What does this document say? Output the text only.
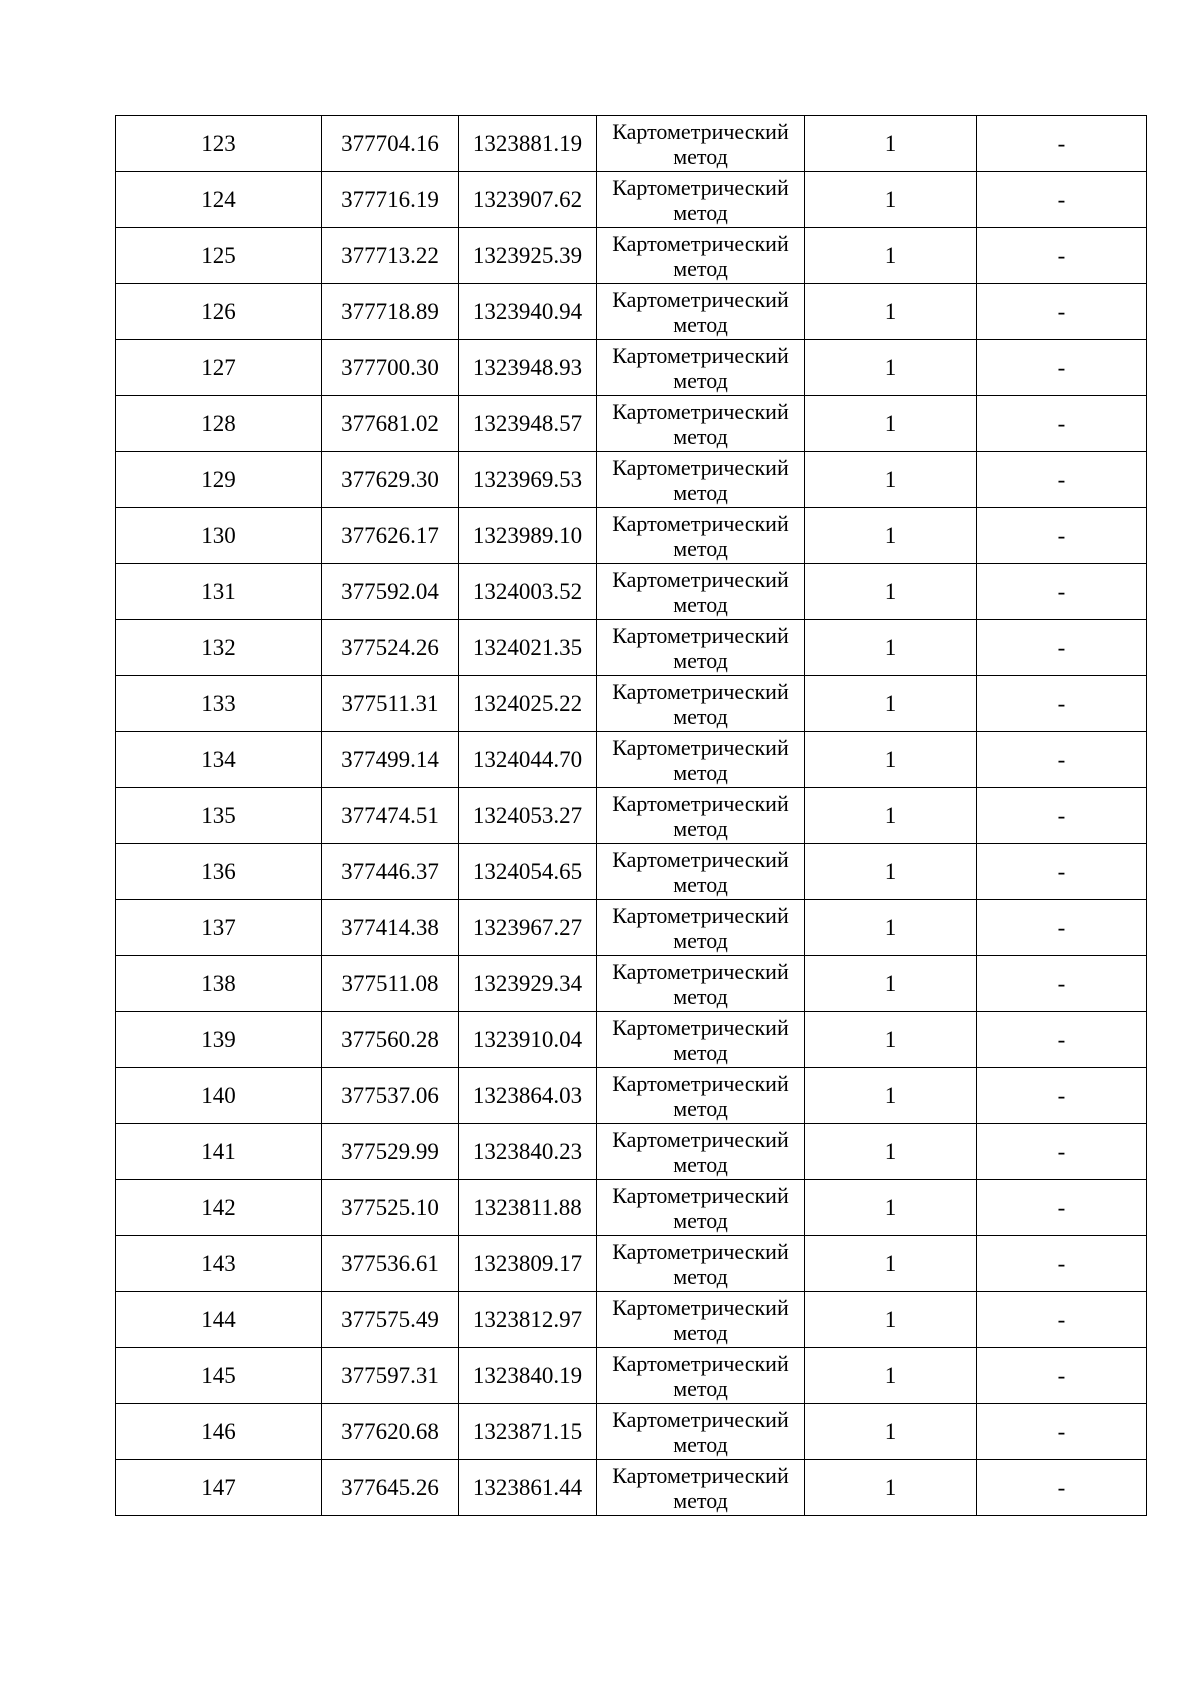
123	377704.16	1323881.19	Картометрический
метод	1	-
124	377716.19	1323907.62	Картометрический
метод	1	-
125	377713.22	1323925.39	Картометрический
метод	1	-
126	377718.89	1323940.94	Картометрический
метод	1	-
127	377700.30	1323948.93	Картометрический
метод	1	-
128	377681.02	1323948.57	Картометрический
метод	1	-
129	377629.30	1323969.53	Картометрический
метод	1	-
130	377626.17	1323989.10	Картометрический
метод	1	-
131	377592.04	1324003.52	Картометрический
метод	1	-
132	377524.26	1324021.35	Картометрический
метод	1	-
133	377511.31	1324025.22	Картометрический
метод	1	-
134	377499.14	1324044.70	Картометрический
метод	1	-
135	377474.51	1324053.27	Картометрический
метод	1	-
136	377446.37	1324054.65	Картометрический
метод	1	-
137	377414.38	1323967.27	Картометрический
метод	1	-
138	377511.08	1323929.34	Картометрический
метод	1	-
139	377560.28	1323910.04	Картометрический
метод	1	-
140	377537.06	1323864.03	Картометрический
метод	1	-
141	377529.99	1323840.23	Картометрический
метод	1	-
142	377525.10	1323811.88	Картометрический
метод	1	-
143	377536.61	1323809.17	Картометрический
метод	1	-
144	377575.49	1323812.97	Картометрический
метод	1	-
145	377597.31	1323840.19	Картометрический
метод	1	-
146	377620.68	1323871.15	Картометрический
метод	1	-
147	377645.26	1323861.44	Картометрический
метод	1	-
